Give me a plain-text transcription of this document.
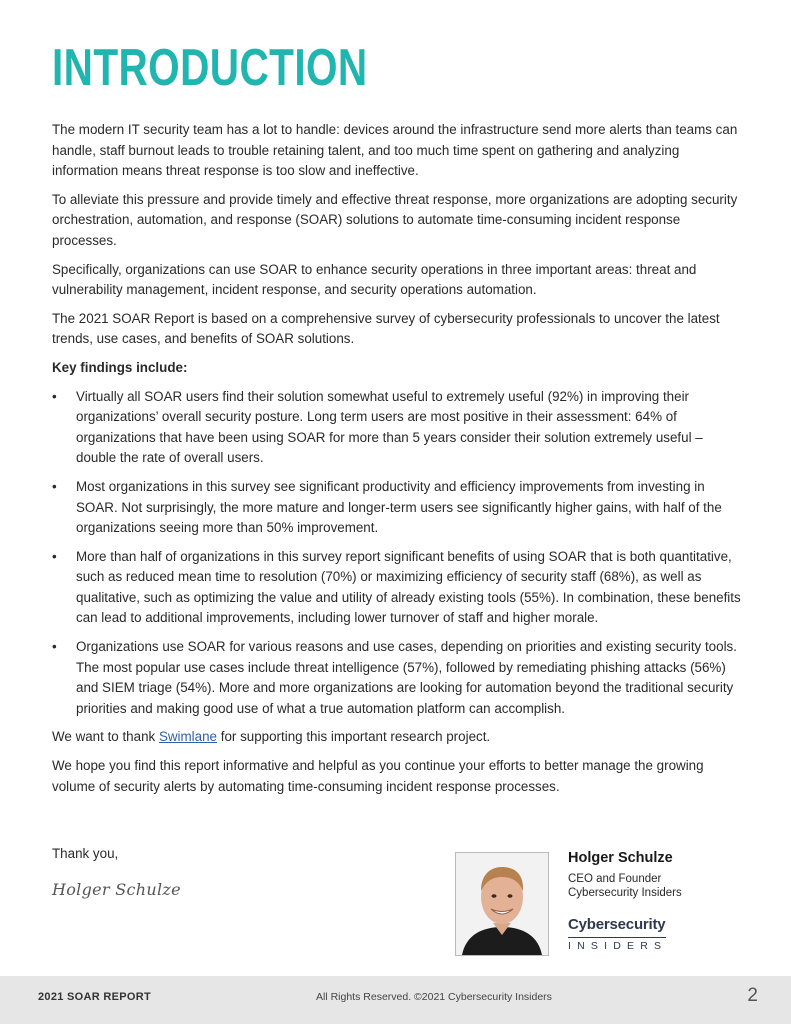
INTRODUCTION

The modern IT security team has a lot to handle: devices around the infrastructure send more alerts than teams can handle, staff burnout leads to trouble retaining talent, and too much time spent on gathering and analyzing information means threat response is too slow and ineffective.

To alleviate this pressure and provide timely and effective threat response, more organizations are adopting security orchestration, automation, and response (SOAR) solutions to automate time-consuming incident response processes.

Specifically, organizations can use SOAR to enhance security operations in three important areas: threat and vulnerability management, incident response, and security operations automation.

The 2021 SOAR Report is based on a comprehensive survey of cybersecurity professionals to uncover the latest trends, use cases, and benefits of SOAR solutions.

Key findings include:

• Virtually all SOAR users find their solution somewhat useful to extremely useful (92%) in improving their organizations’ overall security posture. Long term users are most positive in their assessment: 64% of organizations that have been using SOAR for more than 5 years consider their solution extremely useful – double the rate of overall users.
• Most organizations in this survey see significant productivity and efficiency improvements from investing in SOAR. Not surprisingly, the more mature and longer-term users see significantly higher gains, with half of the organizations seeing more than 50% improvement.
• More than half of organizations in this survey report significant benefits of using SOAR that is both quantitative, such as reduced mean time to resolution (70%) or maximizing efficiency of security staff (68%), as well as qualitative, such as optimizing the value and utility of already existing tools (55%). In combination, these benefits can lead to additional improvements, including lower turnover of staff and higher morale.
• Organizations use SOAR for various reasons and use cases, depending on priorities and existing security tools. The most popular use cases include threat intelligence (57%), followed by remediating phishing attacks (56%) and SIEM triage (54%). More and more organizations are looking for automation beyond the traditional security priorities and making good use of what a true automation platform can accomplish.

We want to thank Swimlane for supporting this important research project.

We hope you find this report informative and helpful as you continue your efforts to better manage the growing volume of security alerts by automating time-consuming incident response processes.

Thank you,
Holger Schulze
Holger Schulze
CEO and Founder
Cybersecurity Insiders
Cybersecurity
INSIDERS
2021 SOAR REPORT	All Rights Reserved. ©2021 Cybersecurity Insiders	2
